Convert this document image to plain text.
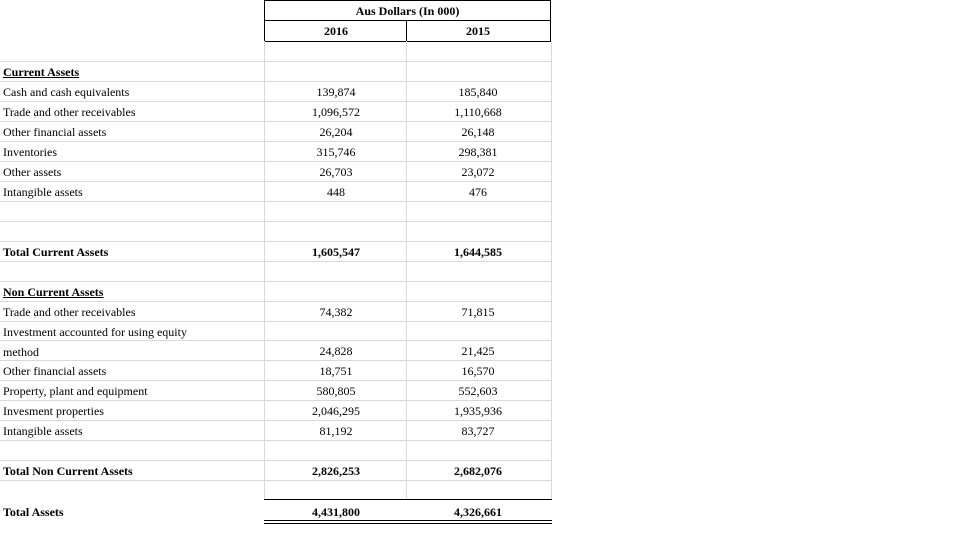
Aus Dollars (In 000)
2016	2015
Current Assets
Cash and cash equivalents	139,874	185,840
Trade and other receivables	1,096,572	1,110,668
Other financial assets	26,204	26,148
Inventories	315,746	298,381
Other assets	26,703	23,072
Intangible assets	448	476
Total Current Assets	1,605,547	1,644,585
Non Current Assets
Trade and other receivables	74,382	71,815
Investment accounted for using equity
method	24,828	21,425
Other financial assets	18,751	16,570
Property, plant and equipment	580,805	552,603
Invesment properties	2,046,295	1,935,936
Intangible assets	81,192	83,727
Total Non Current Assets	2,826,253	2,682,076
Total Assets	4,431,800	4,326,661
